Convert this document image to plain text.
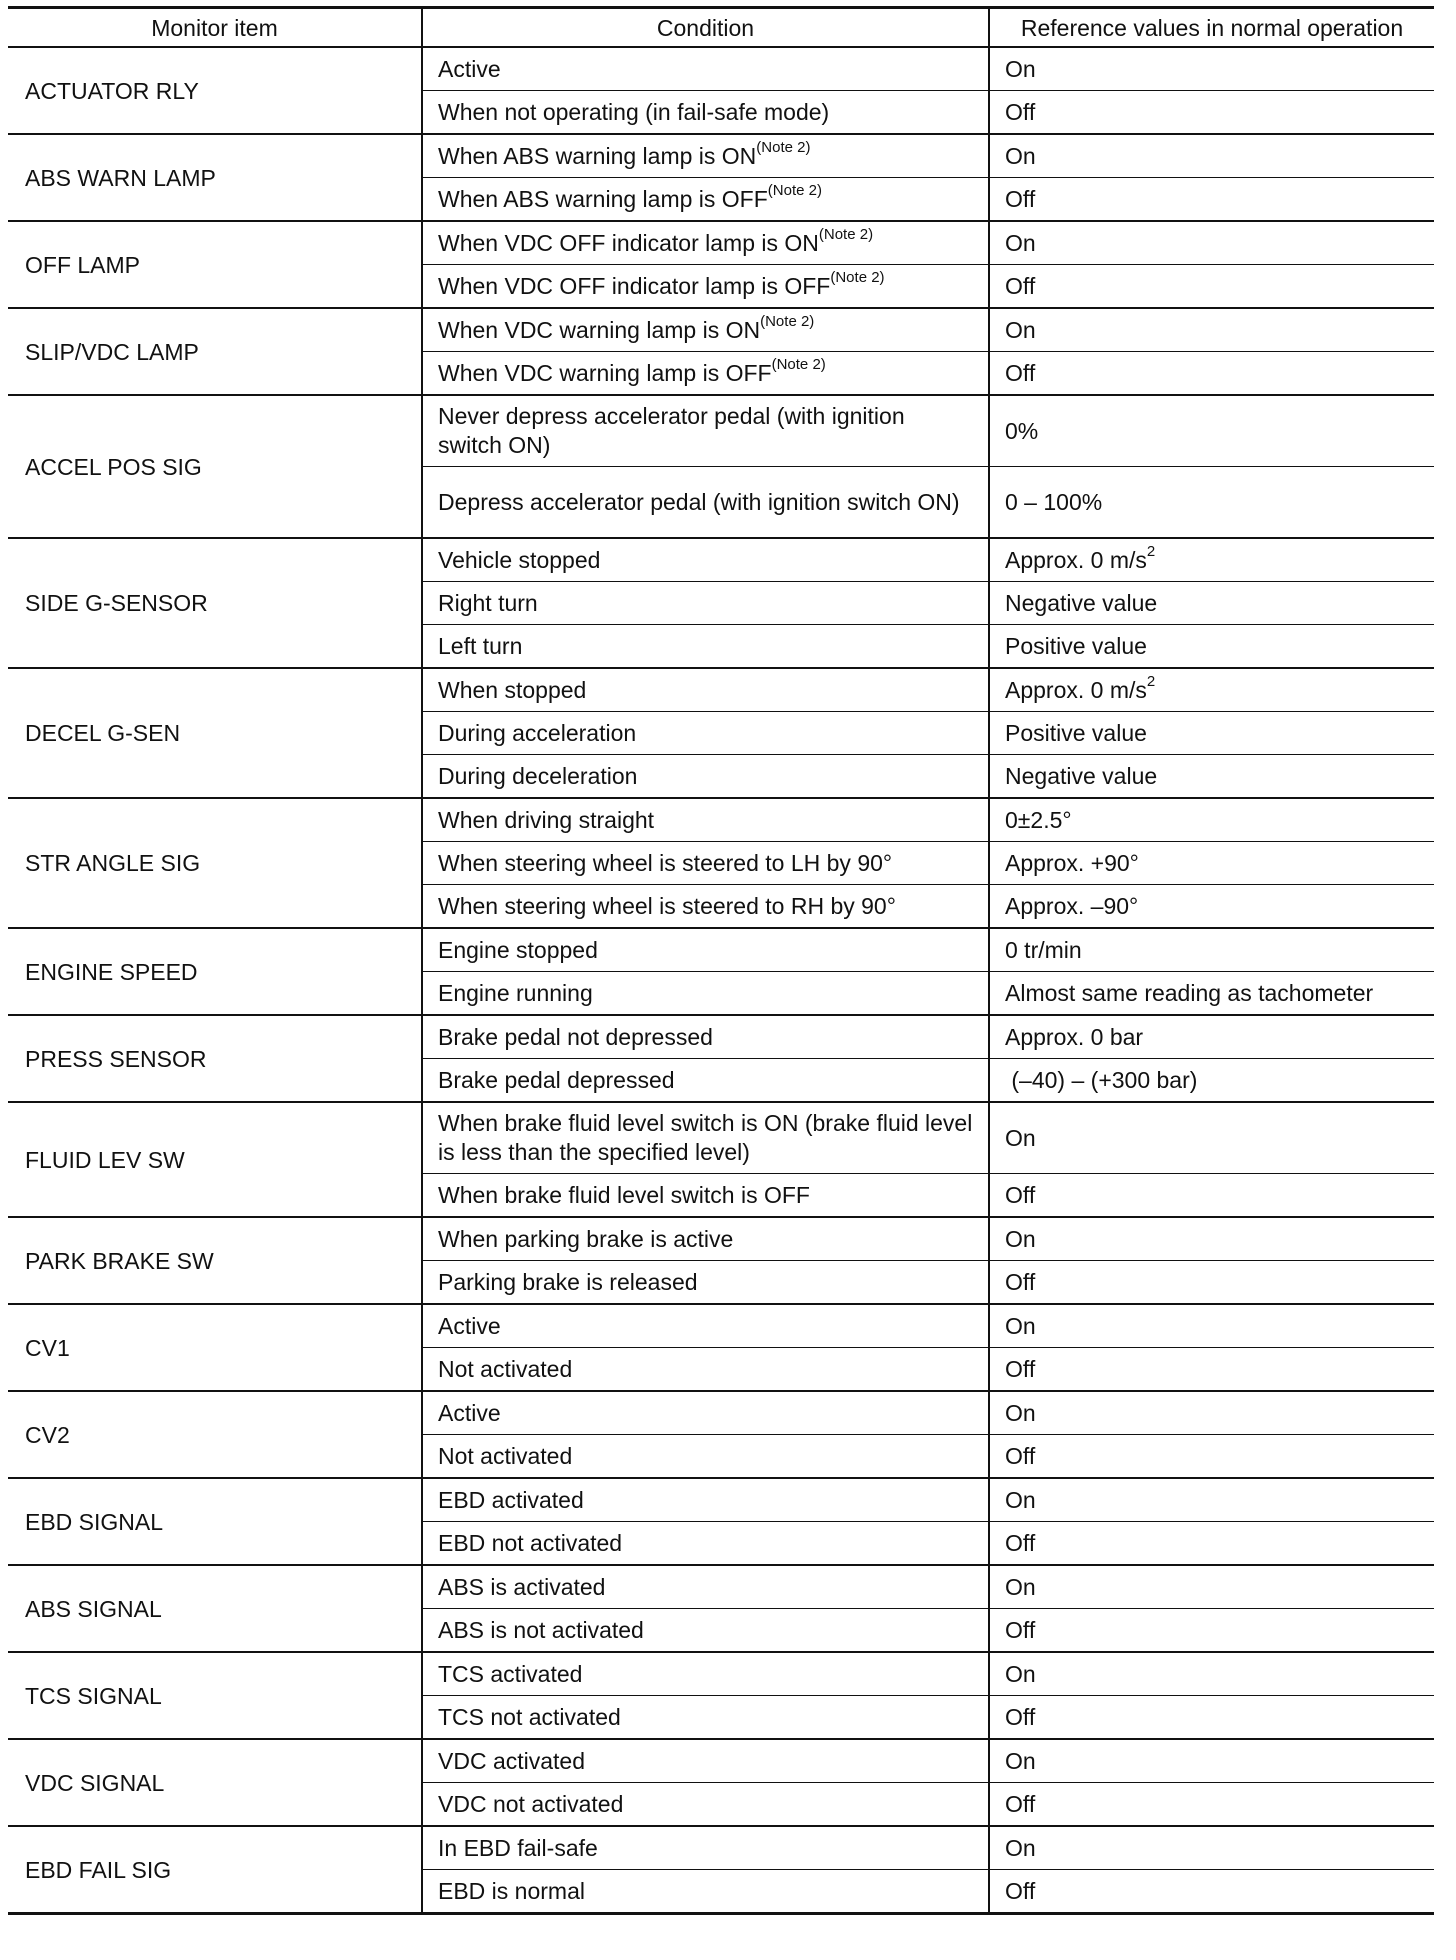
Monitor item	Condition	Reference values in normal operation
ACTUATOR RLY	Active	On
	When not operating (in fail-safe mode)	Off
ABS WARN LAMP	When ABS warning lamp is $ON^{(Note 2)}$	On
	When ABS warning lamp is $OFF^{(Note 2)}$	Off
OFF LAMP	When VDC OFF indicator lamp is $ON^{(Note 2)}$	On
	When VDC OFF indicator lamp is $OFF^{(Note 2)}$	Off
SLIP/VDC LAMP	When VDC warning lamp is $ON^{(Note 2)}$	On
	When VDC warning lamp is $OFF^{(Note 2)}$	Off
ACCEL POS SIG	Never depress accelerator pedal (with ignition switch ON)	0%
	Depress accelerator pedal (with ignition switch ON)	0 – 100%
SIDE G-SENSOR	Vehicle stopped	Approx. 0 $m/s^2$
	Right turn	Negative value
	Left turn	Positive value
DECEL G-SEN	When stopped	Approx. 0 $m/s^2$
	During acceleration	Positive value
	During deceleration	Negative value
STR ANGLE SIG	When driving straight	0±2.5°
	When steering wheel is steered to LH by 90°	Approx. +90°
	When steering wheel is steered to RH by 90°	Approx. –90°
ENGINE SPEED	Engine stopped	0 tr/min
	Engine running	Almost same reading as tachometer
PRESS SENSOR	Brake pedal not depressed	Approx. 0 bar
	Brake pedal depressed	(–40) – (+300 bar)
FLUID LEV SW	When brake fluid level switch is ON (brake fluid level is less than the specified level)	On
	When brake fluid level switch is OFF	Off
PARK BRAKE SW	When parking brake is active	On
	Parking brake is released	Off
CV1	Active	On
	Not activated	Off
CV2	Active	On
	Not activated	Off
EBD SIGNAL	EBD activated	On
	EBD not activated	Off
ABS SIGNAL	ABS is activated	On
	ABS is not activated	Off
TCS SIGNAL	TCS activated	On
	TCS not activated	Off
VDC SIGNAL	VDC activated	On
	VDC not activated	Off
EBD FAIL SIG	In EBD fail-safe	On
	EBD is normal	Off
